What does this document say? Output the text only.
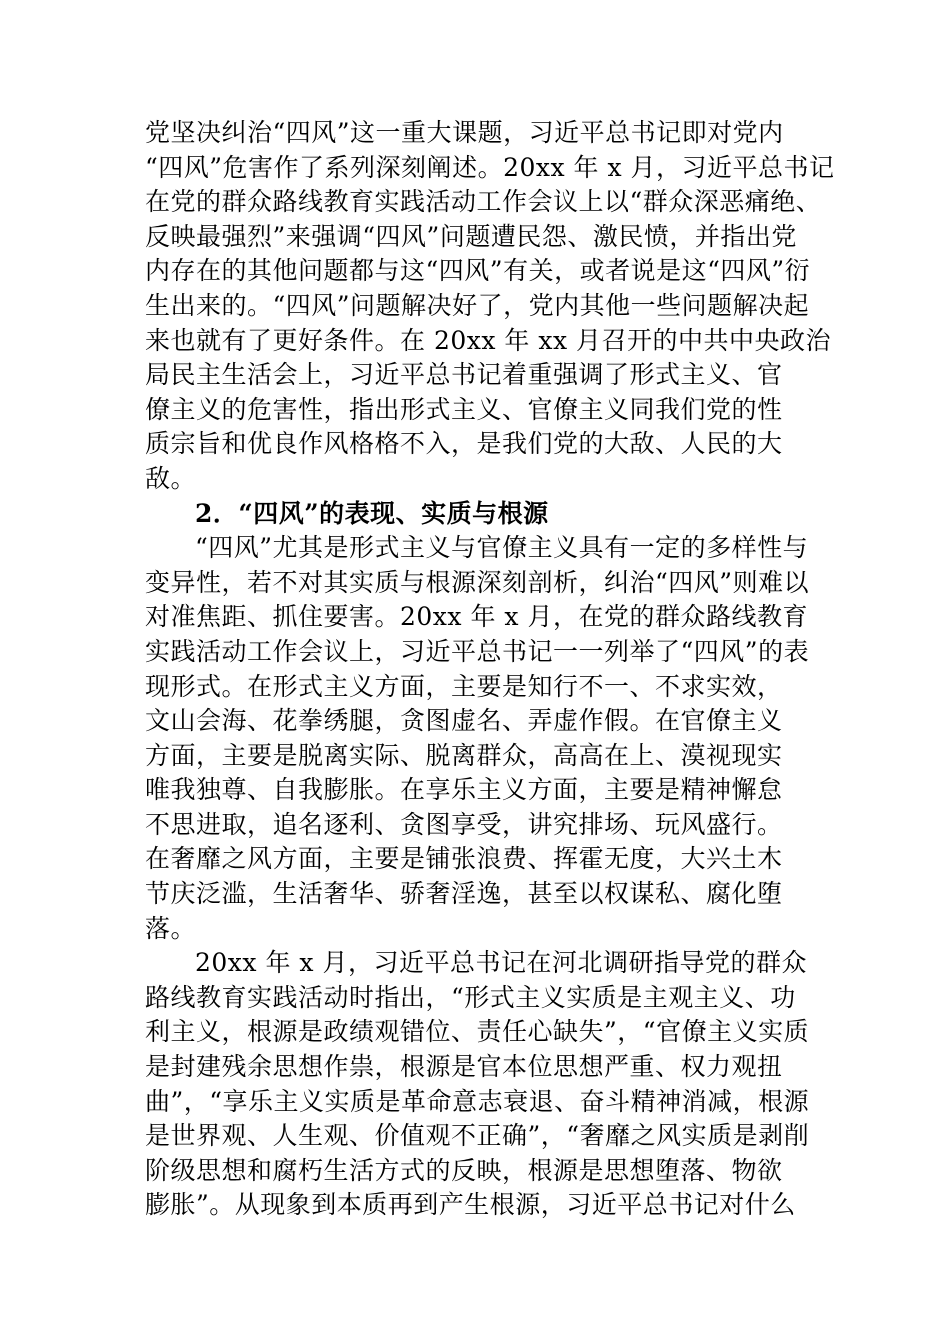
党坚决纠治“四风”这一重大课题，习近平总书记即对党内
“四风”危害作了系列深刻阐述。20xx 年 x 月，习近平总书记
在党的群众路线教育实践活动工作会议上以“群众深恶痛绝、
反映最强烈”来强调“四风”问题遭民怨、激民愤，并指出党
内存在的其他问题都与这“四风”有关，或者说是这“四风”衍
生出来的。“四风”问题解决好了，党内其他一些问题解决起
来也就有了更好条件。在 20xx 年 xx 月召开的中共中央政治
局民主生活会上，习近平总书记着重强调了形式主义、官
僚主义的危害性，指出形式主义、官僚主义同我们党的性
质宗旨和优良作风格格不入，是我们党的大敌、人民的大
敌。
2．“四风”的表现、实质与根源
“四风”尤其是形式主义与官僚主义具有一定的多样性与
变异性，若不对其实质与根源深刻剖析，纠治“四风”则难以
对准焦距、抓住要害。20xx 年 x 月，在党的群众路线教育
实践活动工作会议上，习近平总书记一一列举了“四风”的表
现形式。在形式主义方面，主要是知行不一、不求实效，
文山会海、花拳绣腿，贪图虚名、弄虚作假。在官僚主义
方面，主要是脱离实际、脱离群众，高高在上、漠视现实
唯我独尊、自我膨胀。在享乐主义方面，主要是精神懈怠
不思进取，追名逐利、贪图享受，讲究排场、玩风盛行。
在奢靡之风方面，主要是铺张浪费、挥霍无度，大兴土木
节庆泛滥，生活奢华、骄奢淫逸，甚至以权谋私、腐化堕
落。
20xx 年 x 月，习近平总书记在河北调研指导党的群众
路线教育实践活动时指出，“形式主义实质是主观主义、功
利主义，根源是政绩观错位、责任心缺失”，“官僚主义实质
是封建残余思想作祟，根源是官本位思想严重、权力观扭
曲”，“享乐主义实质是革命意志衰退、奋斗精神消减，根源
是世界观、人生观、价值观不正确”，“奢靡之风实质是剥削
阶级思想和腐朽生活方式的反映，根源是思想堕落、物欲
膨胀”。从现象到本质再到产生根源，习近平总书记对什么
